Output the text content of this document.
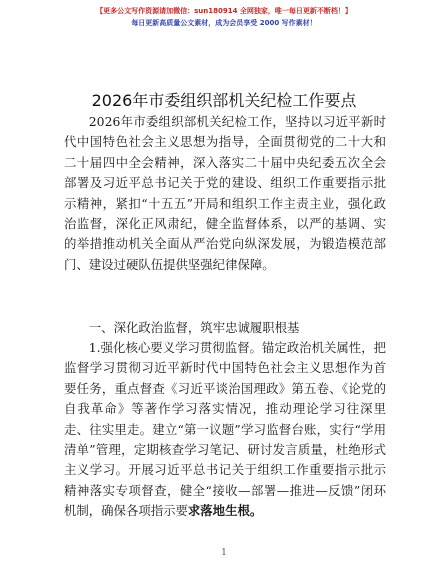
【更多公文写作资源请加微信：sun180914 全网独家，唯一每日更新不断档！】
每日更新高质量公文素材，成为会员享受 2000 写作素材！
2026年市委组织部机关纪检工作要点

2026年市委组织部机关纪检工作，坚持以习近平新时代中国特色社会主义思想为指导，全面贯彻党的二十大和二十届四中全会精神，深入落实二十届中央纪委五次全会部署及习近平总书记关于党的建设、组织工作重要指示批示精神，紧扣“十五五”开局和组织工作主责主业，强化政治监督，深化正风肃纪，健全监督体系，以严的基调、实的举措推动机关全面从严治党向纵深发展，为锻造模范部门、建设过硬队伍提供坚强纪律保障。

一、深化政治监督，筑牢忠诚履职根基

1.强化核心要义学习贯彻监督。锚定政治机关属性，把监督学习贯彻习近平新时代中国特色社会主义思想作为首要任务，重点督查《习近平谈治国理政》第五卷、《论党的自我革命》等著作学习落实情况，推动理论学习往深里走、往实里走。建立“第一议题”学习监督台账，实行“学用清单”管理，定期核查学习笔记、研讨发言质量，杜绝形式主义学习。开展习近平总书记关于组织工作重要指示批示精神落实专项督查，健全“接收—部署—推进—反馈”闭环机制，确保各项指示要求落地生根。

1
